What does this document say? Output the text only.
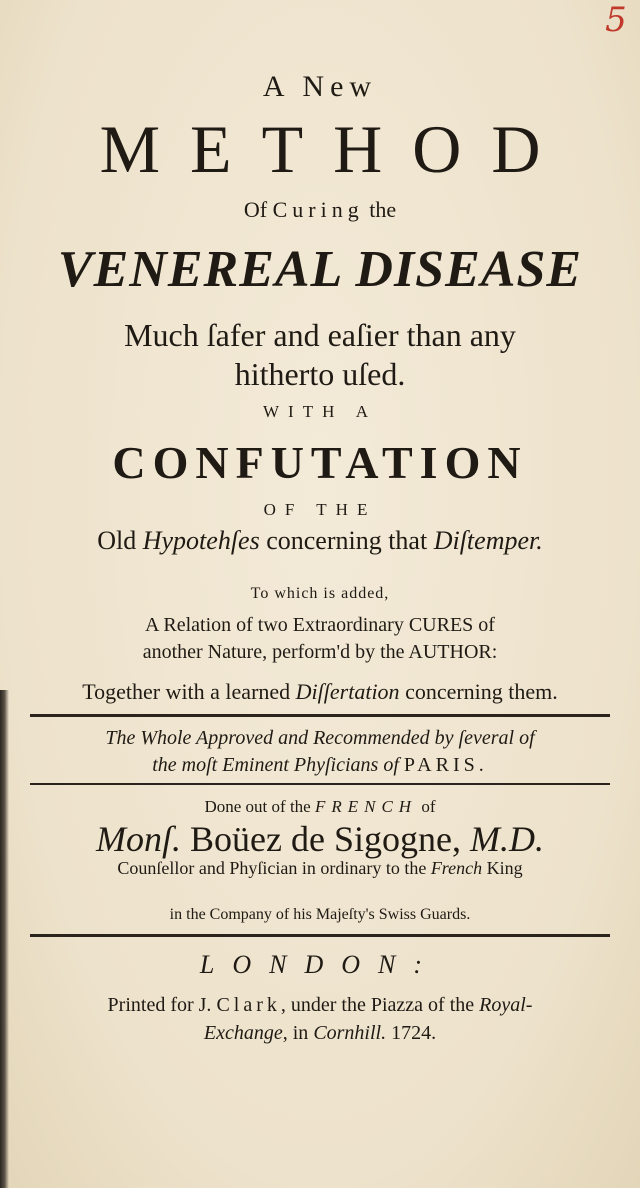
5
A New
METHOD
Of Curing the
VENEREAL DISEASE
Much ſafer and eaſier than any
hitherto uſed.
WITH A
CONFUTATION
OF THE
Old Hypotehſes concerning that Diſtemper.
To which is added,
A Relation of two Extraordinary CURES of
another Nature, perform'd by the AUTHOR:
Together with a learned Diſſertation concerning them.
The Whole Approved and Recommended by ſeveral of
the moſt Eminent Phyſicians of PARIS.
Done out of the FRENCH of
Monſ. Boüez de Sigogne, M.D.
Counſellor and Phyſician in ordinary to the French King
in the Company of his Majeſty's Swiss Guards.
LONDON:
Printed for J. Clark, under the Piazza of the Royal-
Exchange, in Cornhill. 1724.
